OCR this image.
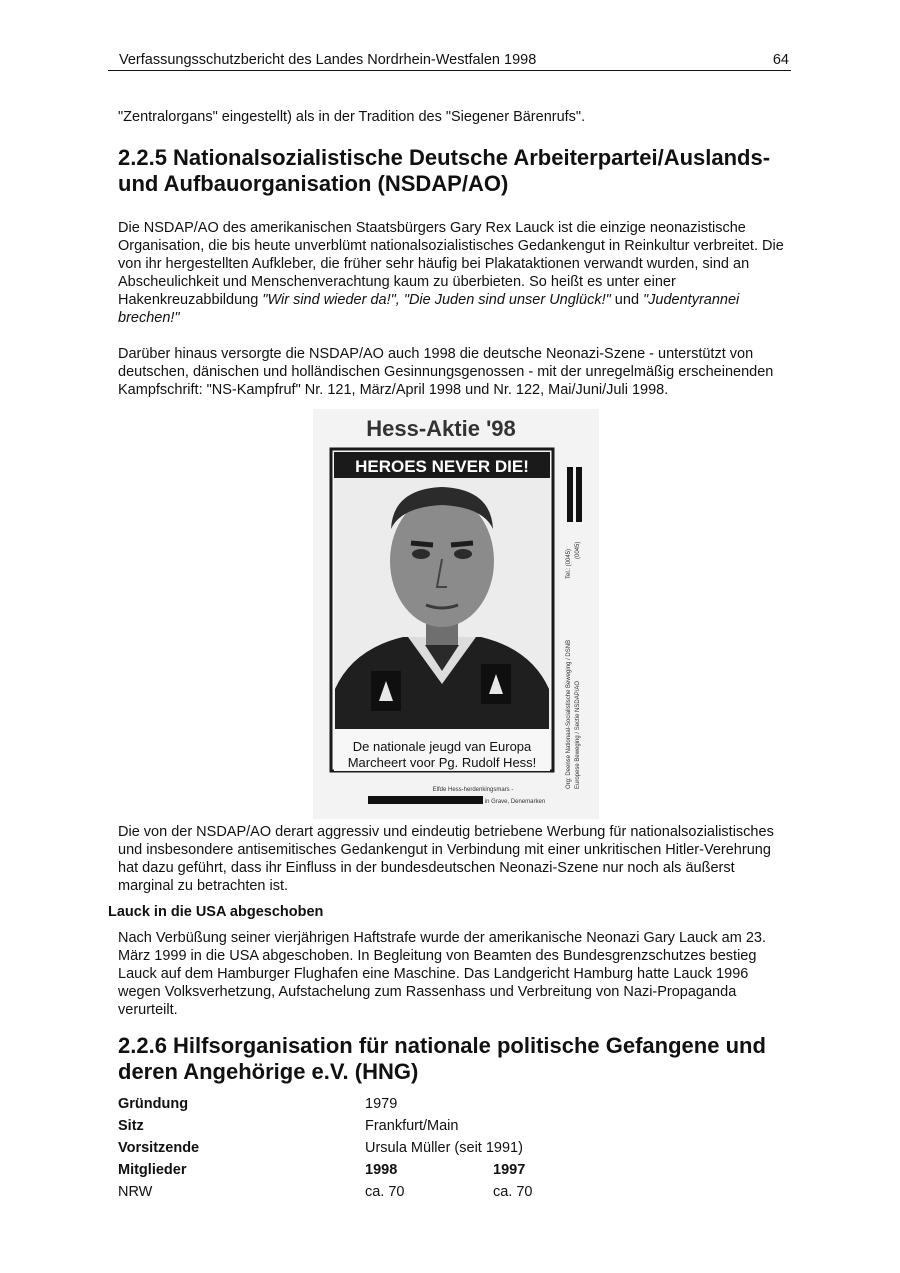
Verfassungsschutzbericht des Landes Nordrhein-Westfalen 1998	64

"Zentralorgans" eingestellt) als in der Tradition des "Siegener Bärenrufs".

2.2.5 Nationalsozialistische Deutsche Arbeiterpartei/Auslands-
und Aufbauorganisation (NSDAP/AO)

Die NSDAP/AO des amerikanischen Staatsbürgers Gary Rex Lauck ist die einzige neonazistische Organisation, die bis heute unverblümt nationalsozialistisches Gedankengut in Reinkultur verbreitet. Die von ihr hergestellten Aufkleber, die früher sehr häufig bei Plakataktionen verwandt wurden, sind an Abscheulichkeit und Menschenverachtung kaum zu überbieten. So heißt es unter einer Hakenkreuzabbildung "Wir sind wieder da!", "Die Juden sind unser Unglück!" und "Judentyrannei brechen!"

Darüber hinaus versorgte die NSDAP/AO auch 1998 die deutsche Neonazi-Szene - unterstützt von deutschen, dänischen und holländischen Gesinnungsgenossen - mit der unregelmäßig erscheinenden Kampfschrift: "NS-Kampfruf" Nr. 121, März/April 1998 und Nr. 122, Mai/Juni/Juli 1998.

Hess-Aktie '98
HEROES NEVER DIE!
De nationale jeugd van Europa
Marcheert voor Pg. Rudolf Hess!
Elfde Hess-herdenkingsmars -
in Grave, Denemarken
Org: Deense Nationaal-Socialistische Beweging / DSNB Europese Beweging / Sectie NSDAP/AO
Tel.: (0045) (0045)

Die von der NSDAP/AO derart aggressiv und eindeutig betriebene Werbung für nationalsozialistisches und insbesondere antisemitisches Gedankengut in Verbindung mit einer unkritischen Hitler-Verehrung hat dazu geführt, dass ihr Einfluss in der bundesdeutschen Neonazi-Szene nur noch als äußerst marginal zu betrachten ist.

Lauck in die USA abgeschoben

Nach Verbüßung seiner vierjährigen Haftstrafe wurde der amerikanische Neonazi Gary Lauck am 23. März 1999 in die USA abgeschoben. In Begleitung von Beamten des Bundesgrenzschutzes bestieg Lauck auf dem Hamburger Flughafen eine Maschine. Das Landgericht Hamburg hatte Lauck 1996 wegen Volksverhetzung, Aufstachelung zum Rassenhass und Verbreitung von Nazi-Propaganda verurteilt.

2.2.6 Hilfsorganisation für nationale politische Gefangene und
deren Angehörige e.V. (HNG)
Gründung	1979	
Sitz	Frankfurt/Main	
Vorsitzende	Ursula Müller (seit 1991)	
Mitglieder	1998	1997
NRW	ca. 70	ca. 70
